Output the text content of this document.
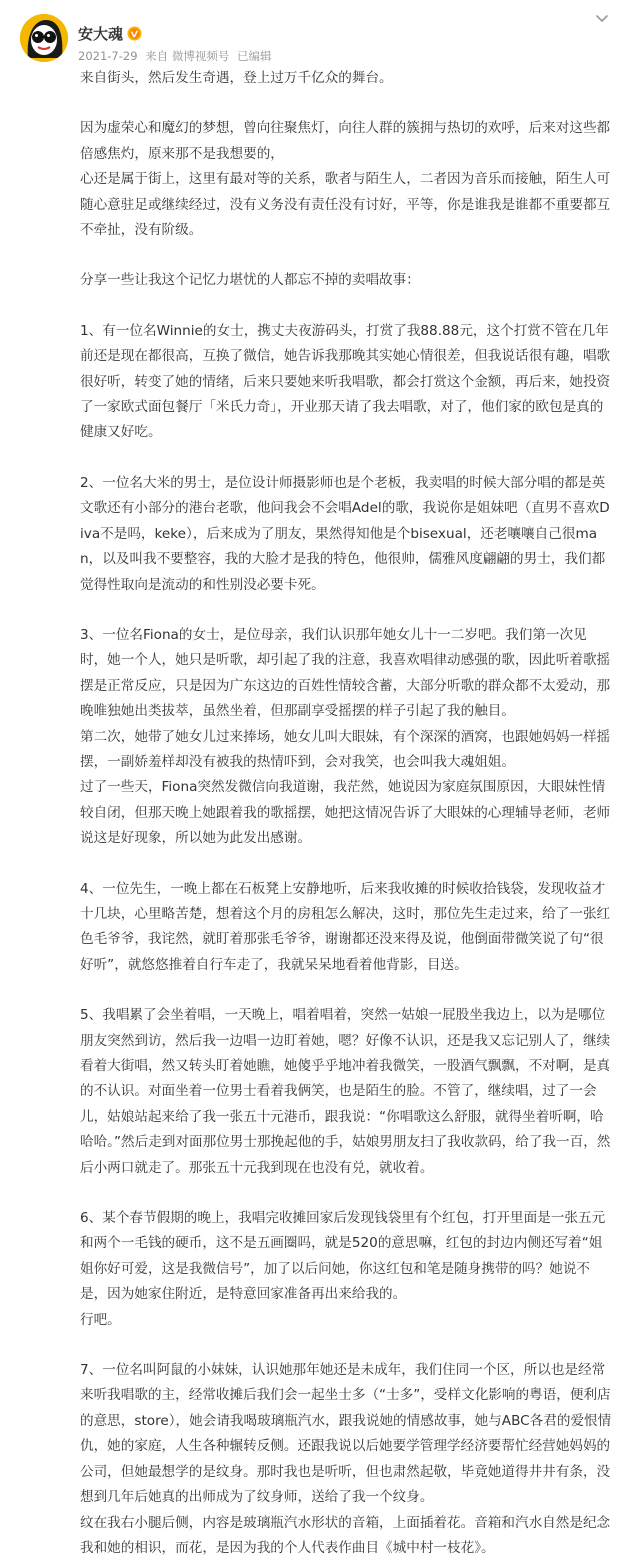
安大魂
2021-7-29 来自 微博视频号 已编辑

来自街头，然后发生奇遇，登上过万千亿众的舞台。

因为虚荣心和魔幻的梦想，曾向往聚焦灯，向往人群的簇拥与热切的欢呼，后来对这些都倍感焦灼，原来那不是我想要的，
心还是属于街上，这里有最对等的关系，歌者与陌生人，二者因为音乐而接触，陌生人可随心意驻足或继续经过，没有义务没有责任没有讨好，平等，你是谁我是谁都不重要都互不牵扯，没有阶级。

分享一些让我这个记忆力堪忧的人都忘不掉的卖唱故事：

1、有一位名Winnie的女士，携丈夫夜游码头，打赏了我88.88元，这个打赏不管在几年前还是现在都很高，互换了微信，她告诉我那晚其实她心情很差，但我说话很有趣，唱歌很好听，转变了她的情绪，后来只要她来听我唱歌，都会打赏这个金额，再后来，她投资了一家欧式面包餐厅「米氏力奇」，开业那天请了我去唱歌，对了，他们家的欧包是真的健康又好吃。

2、一位名大米的男士，是位设计师摄影师也是个老板，我卖唱的时候大部分唱的都是英文歌还有小部分的港台老歌，他问我会不会唱Adel的歌，我说你是姐妹吧（直男不喜欢Diva不是吗，keke），后来成为了朋友，果然得知他是个bisexual，还老嚷嚷自己很man，以及叫我不要整容，我的大脸才是我的特色，他很帅，儒雅风度翩翩的男士，我们都觉得性取向是流动的和性别没必要卡死。

3、一位名Fiona的女士，是位母亲，我们认识那年她女儿十一二岁吧。我们第一次见时，她一个人，她只是听歌，却引起了我的注意，我喜欢唱律动感强的歌，因此听着歌摇摆是正常反应，只是因为广东这边的百姓性情较含蓄，大部分听歌的群众都不太爱动，那晚唯独她出类拔萃，虽然坐着，但那副享受摇摆的样子引起了我的触目。
第二次，她带了她女儿过来捧场，她女儿叫大眼妹，有个深深的酒窝，也跟她妈妈一样摇摆，一副娇羞样却没有被我的热情吓到，会对我笑，也会叫我大魂姐姐。
过了一些天，Fiona突然发微信向我道谢，我茫然，她说因为家庭氛围原因，大眼妹性情较自闭，但那天晚上她跟着我的歌摇摆，她把这情况告诉了大眼妹的心理辅导老师，老师说这是好现象，所以她为此发出感谢。

4、一位先生，一晚上都在石板凳上安静地听，后来我收摊的时候收拾钱袋，发现收益才十几块，心里略苦楚，想着这个月的房租怎么解决，这时，那位先生走过来，给了一张红色毛爷爷，我诧然，就盯着那张毛爷爷，谢谢都还没来得及说，他倒面带微笑说了句“很好听”，就悠悠推着自行车走了，我就呆呆地看着他背影，目送。

5、我唱累了会坐着唱，一天晚上，唱着唱着，突然一姑娘一屁股坐我边上，以为是哪位朋友突然到访，然后我一边唱一边盯着她，嗯？好像不认识，还是我又忘记别人了，继续看着大街唱，然又转头盯着她瞧，她傻乎乎地冲着我微笑，一股酒气飘飘，不对啊，是真的不认识。对面坐着一位男士看着我俩笑，也是陌生的脸。不管了，继续唱，过了一会儿，姑娘站起来给了我一张五十元港币，跟我说：“你唱歌这么舒服，就得坐着听啊，哈哈哈。”然后走到对面那位男士那挽起他的手，姑娘男朋友扫了我收款码，给了我一百，然后小两口就走了。那张五十元我到现在也没有兑，就收着。

6、某个春节假期的晚上，我唱完收摊回家后发现钱袋里有个红包，打开里面是一张五元和两个一毛钱的硬币，这不是五画圈吗，就是520的意思嘛，红包的封边内侧还写着“姐姐你好可爱，这是我微信号”，加了以后问她，你这红包和笔是随身携带的吗？她说不是，因为她家住附近，是特意回家准备再出来给我的。
行吧。

7、一位名叫阿鼠的小妹妹，认识她那年她还是未成年，我们住同一个区，所以也是经常来听我唱歌的主，经常收摊后我们会一起坐士多（“士多”，受样文化影响的粤语，便利店的意思，store），她会请我喝玻璃瓶汽水，跟我说她的情感故事，她与ABC各君的爱恨情仇，她的家庭，人生各种辗转反侧。还跟我说以后她要学管理学经济要帮忙经营她妈妈的公司，但她最想学的是纹身。那时我也是听听，但也肃然起敬，毕竟她道得井井有条，没想到几年后她真的出师成为了纹身师，送给了我一个纹身。
纹在我右小腿后侧，内容是玻璃瓶汽水形状的音箱，上面插着花。音箱和汽水自然是纪念我和她的相识，而花，是因为我的个人代表作曲目《城中村一枝花》。
